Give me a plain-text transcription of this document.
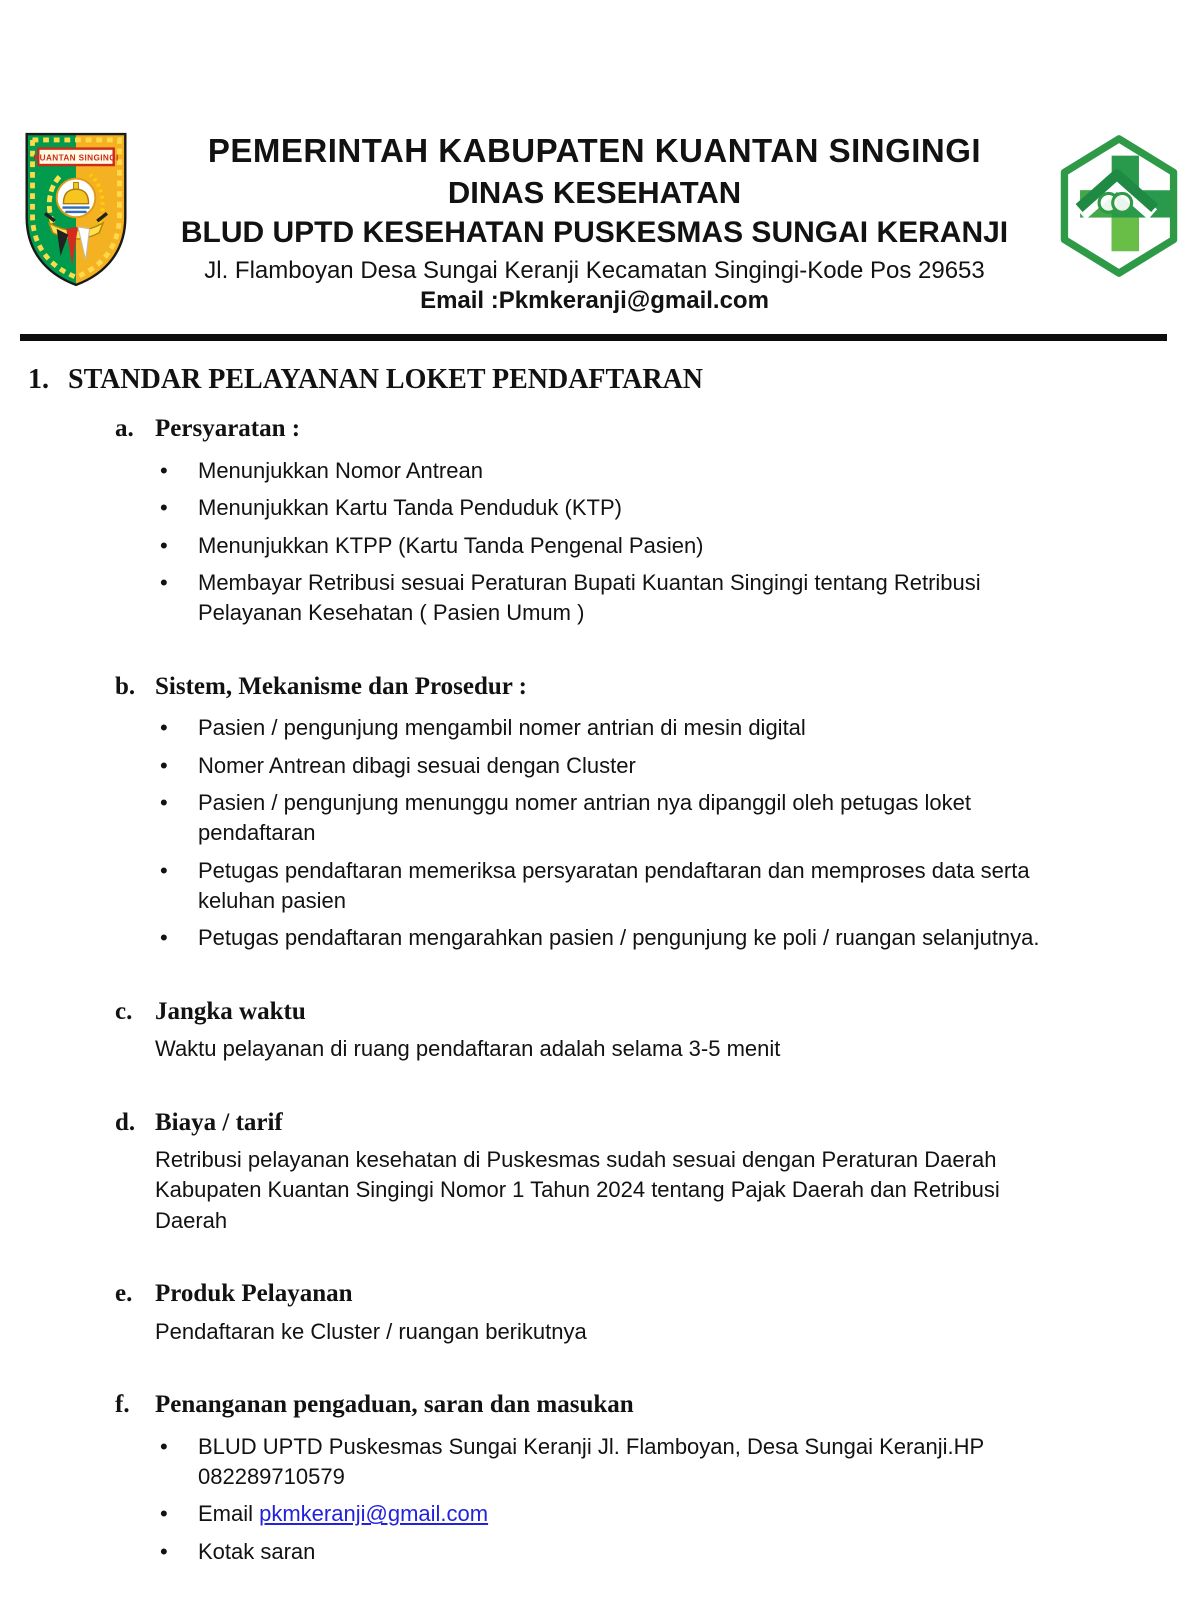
KUANTAN SINGINGI	PEMERINTAH KABUPATEN KUANTAN SINGINGI
DINAS KESEHATAN
BLUD UPTD KESEHATAN PUSKESMAS SUNGAI KERANJI
Jl. Flamboyan Desa Sungai Keranji Kecamatan Singingi-Kode Pos 29653
Email :Pkmkeranji@gmail.com
1. STANDAR PELAYANAN LOKET PENDAFTARAN
a. Persyaratan :
•	Menunjukkan Nomor Antrean
•	Menunjukkan Kartu Tanda Penduduk (KTP)
•	Menunjukkan KTPP (Kartu Tanda Pengenal Pasien)
•	Membayar Retribusi sesuai Peraturan Bupati Kuantan Singingi tentang Retribusi Pelayanan Kesehatan ( Pasien Umum )
b. Sistem, Mekanisme dan Prosedur :
•	Pasien / pengunjung mengambil nomer antrian di mesin digital
•	Nomer Antrean dibagi sesuai dengan Cluster
•	Pasien / pengunjung menunggu nomer antrian nya dipanggil oleh petugas loket pendaftaran
•	Petugas pendaftaran memeriksa persyaratan pendaftaran dan memproses data serta keluhan pasien
•	Petugas pendaftaran mengarahkan pasien / pengunjung ke poli / ruangan selanjutnya.
c. Jangka waktu
Waktu pelayanan di ruang pendaftaran adalah selama 3-5 menit
d. Biaya / tarif
Retribusi pelayanan kesehatan di Puskesmas sudah sesuai dengan Peraturan Daerah Kabupaten Kuantan Singingi Nomor 1 Tahun 2024 tentang Pajak Daerah dan Retribusi Daerah
e. Produk Pelayanan
Pendaftaran ke Cluster / ruangan berikutnya
f.	Penanganan pengaduan, saran dan masukan
•	BLUD UPTD Puskesmas Sungai Keranji Jl. Flamboyan, Desa Sungai Keranji.HP 082289710579
•	Email pkmkeranji@gmail.com
•	Kotak saran
